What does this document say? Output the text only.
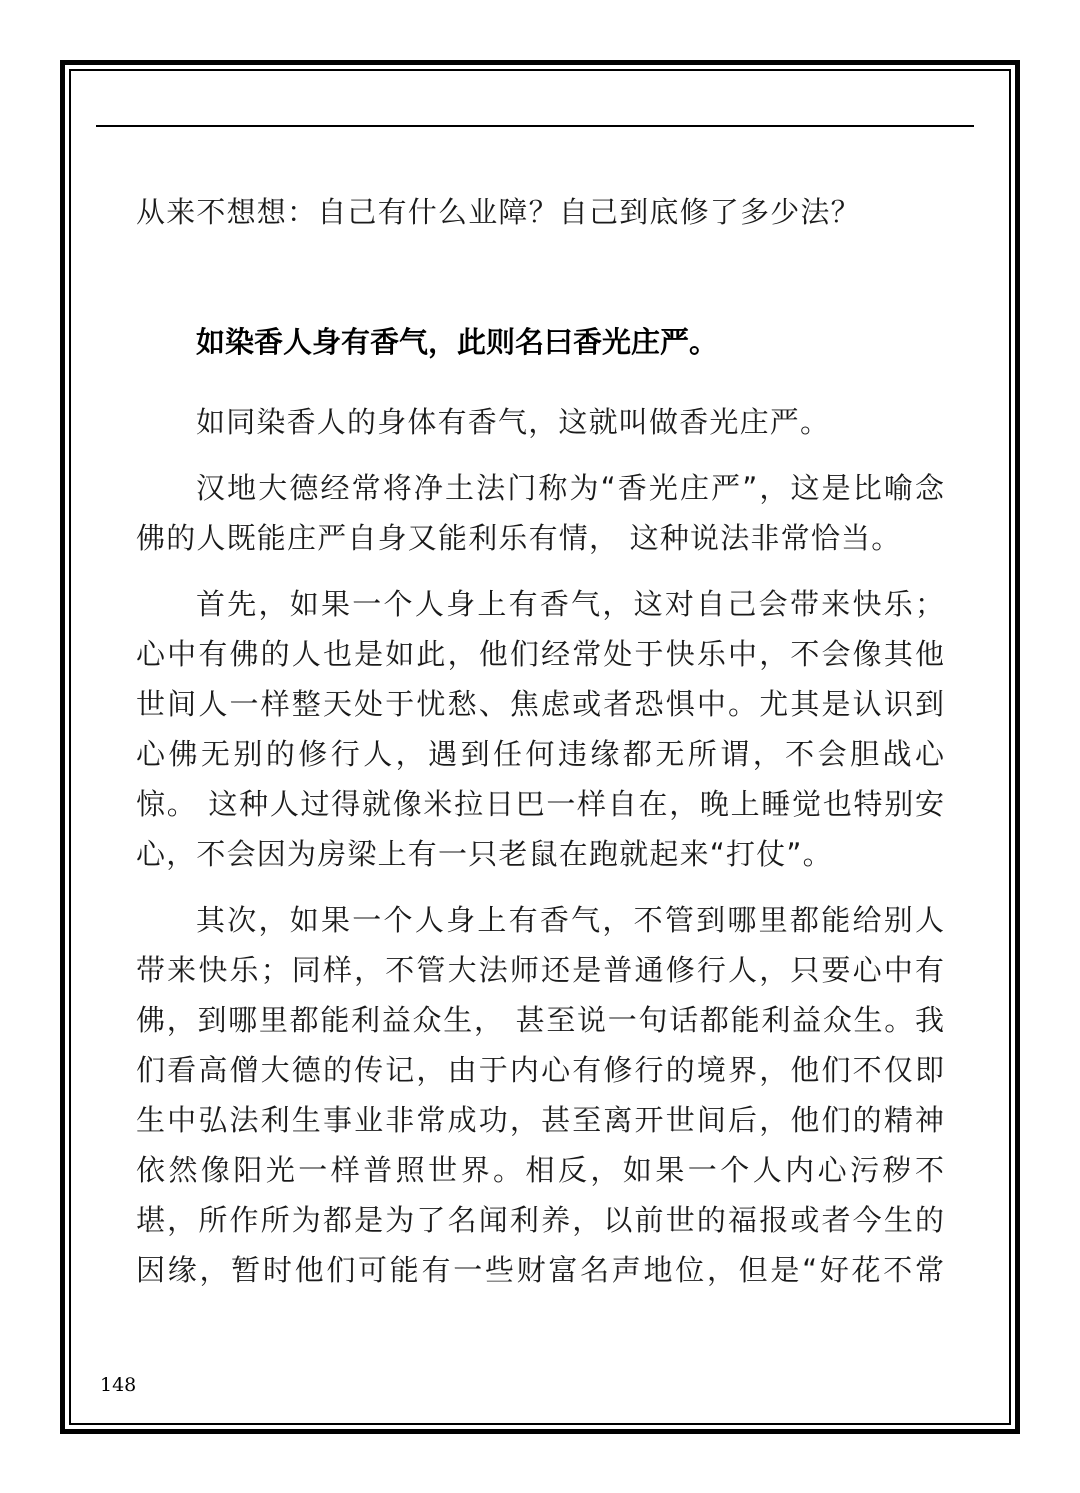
从来不想想：自己有什么业障？自己到底修了多少法？
如染香人身有香气，此则名曰香光庄严。
如同染香人的身体有香气，这就叫做香光庄严。
汉地大德经常将净土法门称为“香光庄严”，这是比喻念
佛的人既能庄严自身又能利乐有情， 这种说法非常恰当。
首先，如果一个人身上有香气，这对自己会带来快乐；
心中有佛的人也是如此，他们经常处于快乐中，不会像其他
世间人一样整天处于忧愁、焦虑或者恐惧中。尤其是认识到
心佛无别的修行人，遇到任何违缘都无所谓，不会胆战心
惊。 这种人过得就像米拉日巴一样自在，晚上睡觉也特别安
心，不会因为房梁上有一只老鼠在跑就起来“打仗”。
其次，如果一个人身上有香气，不管到哪里都能给别人
带来快乐；同样，不管大法师还是普通修行人，只要心中有
佛，到哪里都能利益众生， 甚至说一句话都能利益众生。我
们看高僧大德的传记，由于内心有修行的境界，他们不仅即
生中弘法利生事业非常成功，甚至离开世间后，他们的精神
依然像阳光一样普照世界。相反，如果一个人内心污秽不
堪，所作所为都是为了名闻利养，以前世的福报或者今生的
因缘，暂时他们可能有一些财富名声地位，但是“好花不常
148
